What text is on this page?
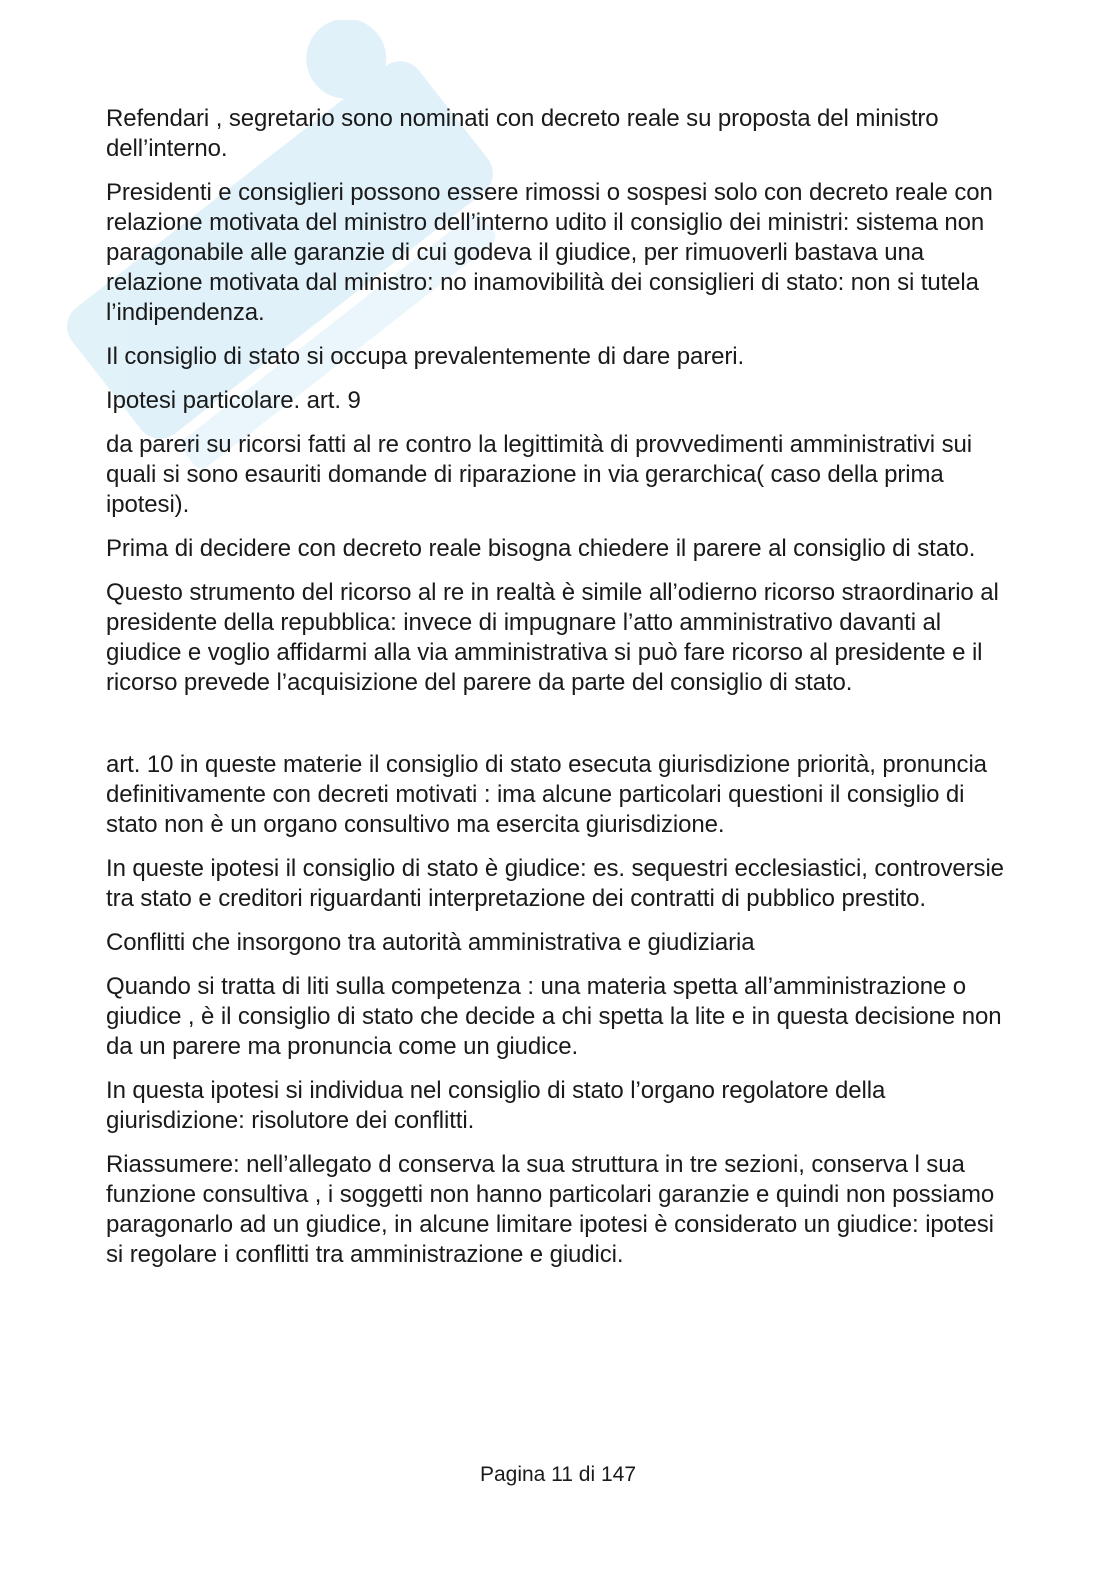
Refendari , segretario sono nominati con decreto reale su proposta del ministro dell’interno.

Presidenti e consiglieri possono essere rimossi o sospesi solo con decreto reale con relazione motivata del ministro dell’interno udito il consiglio dei ministri: sistema non paragonabile alle garanzie di cui godeva il giudice, per rimuoverli bastava una relazione motivata dal ministro: no inamovibilità dei consiglieri di stato: non si tutela l’indipendenza.

Il consiglio di stato si occupa prevalentemente di dare pareri.

Ipotesi particolare. art. 9

da pareri su ricorsi fatti al re contro la legittimità di provvedimenti amministrativi sui quali si sono esauriti domande di riparazione in via gerarchica( caso della prima ipotesi).

Prima di decidere con decreto reale bisogna chiedere il parere al consiglio di stato.

Questo strumento del ricorso al re in realtà è simile all’odierno ricorso straordinario al presidente della repubblica: invece di impugnare l’atto amministrativo davanti al giudice e voglio affidarmi alla via amministrativa si può fare ricorso al presidente e il ricorso prevede l’acquisizione del parere da parte del consiglio di stato.

art. 10 in queste materie il consiglio di stato esecuta giurisdizione priorità, pronuncia definitivamente con decreti motivati : ima alcune particolari questioni il consiglio di stato non è un organo consultivo ma esercita giurisdizione.

In queste ipotesi il consiglio di stato è giudice: es. sequestri ecclesiastici, controversie tra stato e creditori riguardanti interpretazione dei contratti di pubblico prestito.

Conflitti che insorgono tra autorità amministrativa e giudiziaria

Quando si tratta di liti sulla competenza : una materia spetta all’amministrazione o giudice , è il consiglio di stato che decide a chi spetta la lite e in questa decisione non da un parere ma pronuncia come un giudice.

In questa ipotesi si individua nel consiglio di stato l’organo regolatore della giurisdizione: risolutore dei conflitti.

Riassumere: nell’allegato d conserva la sua struttura in tre sezioni, conserva l sua funzione consultiva , i soggetti non hanno particolari garanzie e quindi non possiamo paragonarlo ad un giudice, in alcune limitare ipotesi è considerato un giudice: ipotesi si regolare i conflitti tra amministrazione e giudici.

Pagina 11 di 147
